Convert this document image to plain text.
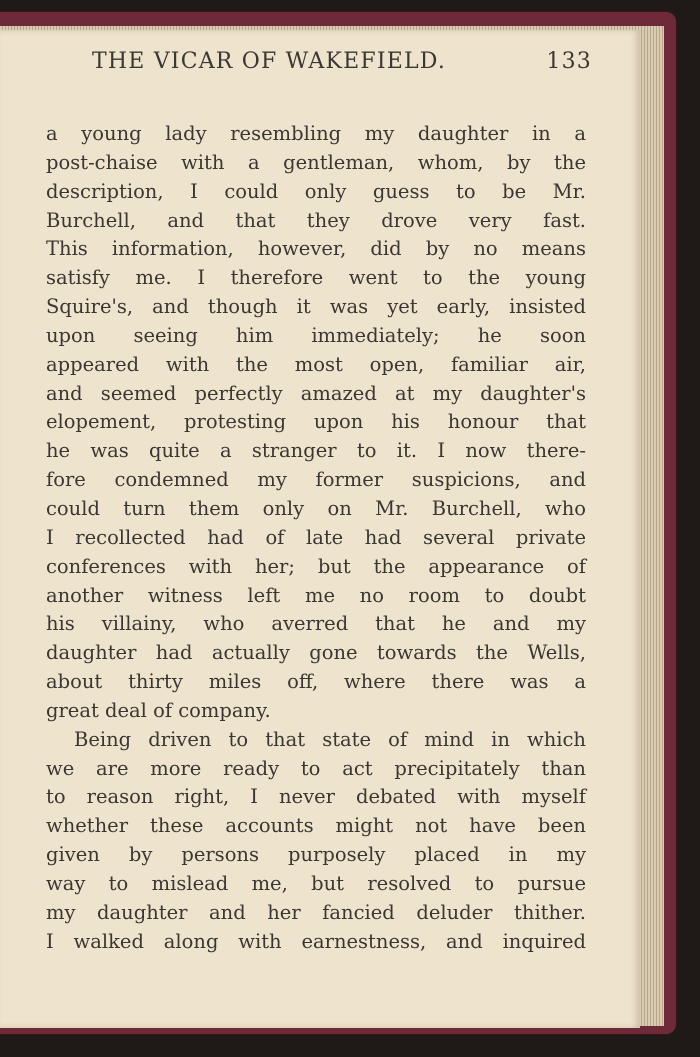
THE VICAR OF WAKEFIELD.	133
a young lady resembling my daughter in a
post-chaise with a gentleman, whom, by the
description, I could only guess to be Mr.
Burchell, and that they drove very fast.
This information, however, did by no means
satisfy me. I therefore went to the young
Squire's, and though it was yet early, insisted
upon seeing him immediately; he soon
appeared with the most open, familiar air,
and seemed perfectly amazed at my daughter's
elopement, protesting upon his honour that
he was quite a stranger to it. I now there-
fore condemned my former suspicions, and
could turn them only on Mr. Burchell, who
I recollected had of late had several private
conferences with her; but the appearance of
another witness left me no room to doubt
his villainy, who averred that he and my
daughter had actually gone towards the Wells,
about thirty miles off, where there was a
great deal of company.
Being driven to that state of mind in which
we are more ready to act precipitately than
to reason right, I never debated with myself
whether these accounts might not have been
given by persons purposely placed in my
way to mislead me, but resolved to pursue
my daughter and her fancied deluder thither.
I walked along with earnestness, and inquired
